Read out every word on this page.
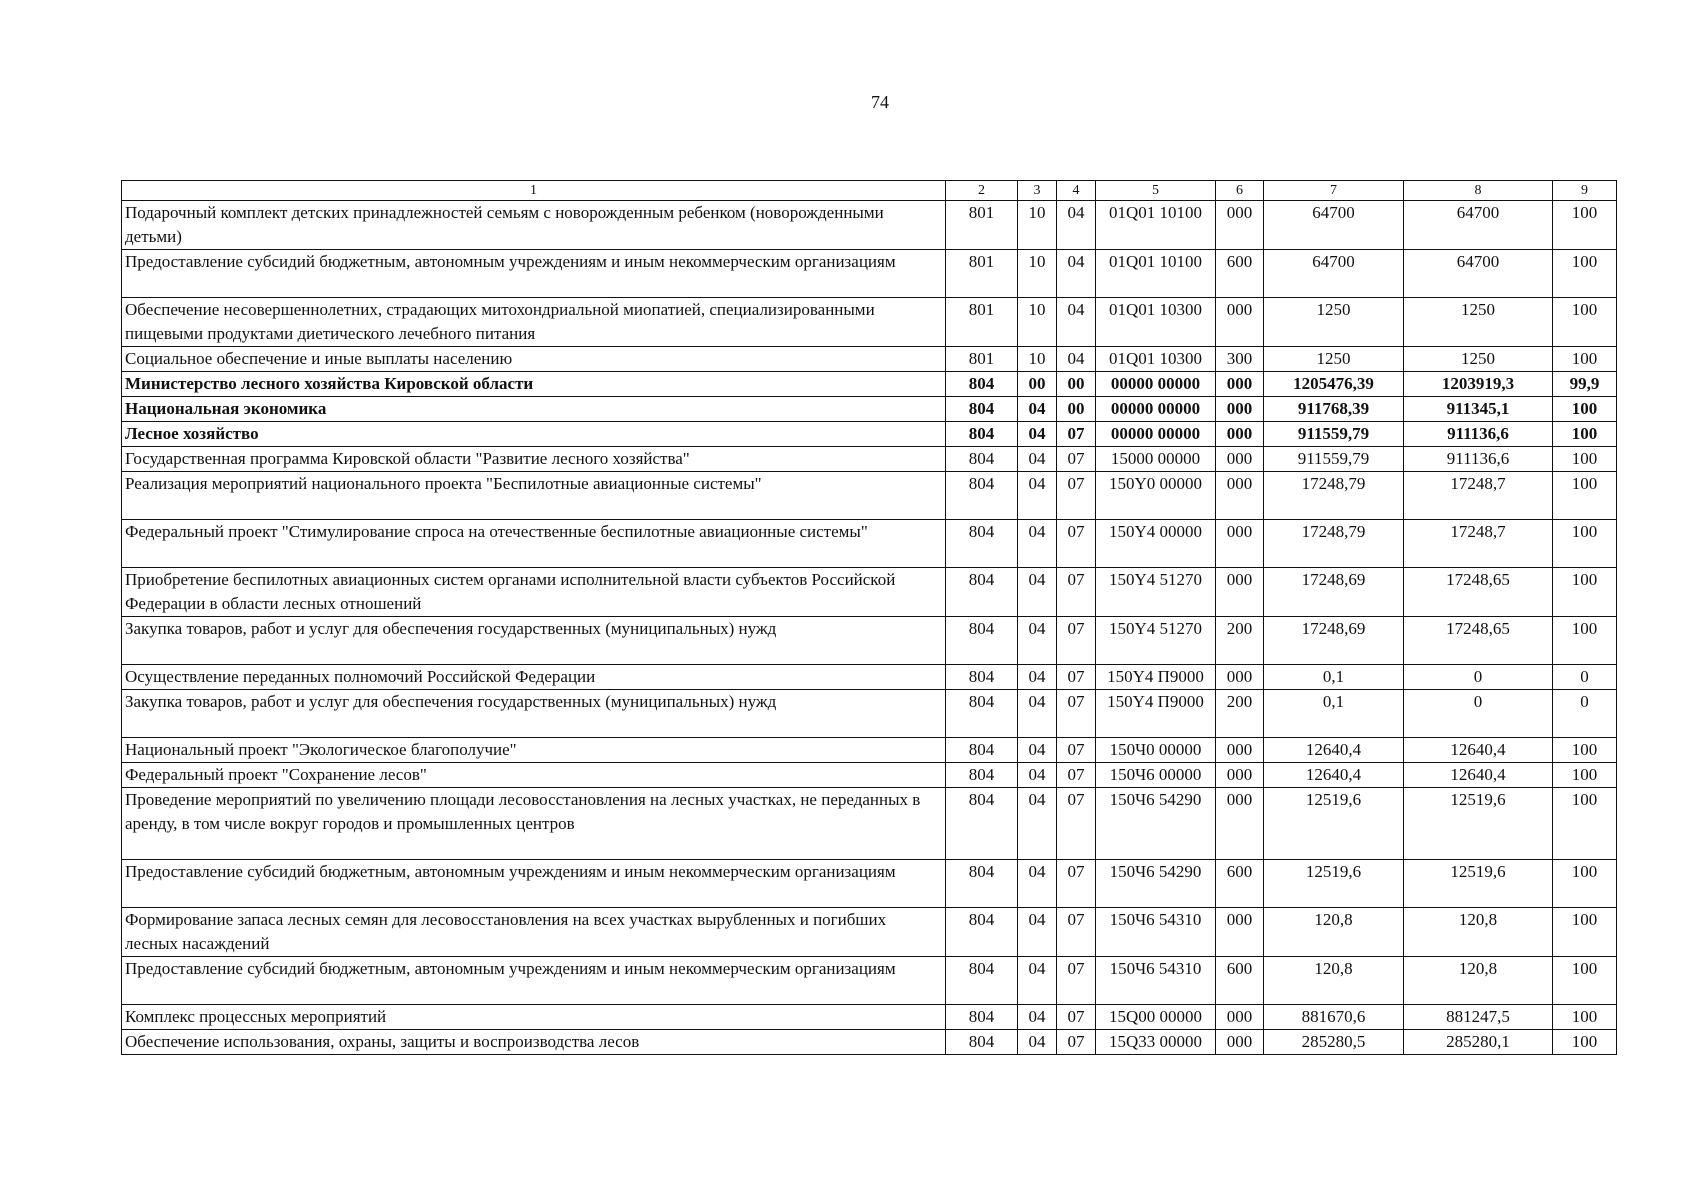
74
1	2	3	4	5	6	7	8	9
Подарочный комплект детских принадлежностей семьям с новорожденным ребенком (новорожденными детьми)	801	10	04	01Q01 10100	000	64700	64700	100
Предоставление субсидий бюджетным, автономным учреждениям и иным некоммерческим организациям	801	10	04	01Q01 10100	600	64700	64700	100
Обеспечение несовершеннолетних, страдающих митохондриальной миопатией, специализированными пищевыми продуктами диетического лечебного питания	801	10	04	01Q01 10300	000	1250	1250	100
Социальное обеспечение и иные выплаты населению	801	10	04	01Q01 10300	300	1250	1250	100
Министерство лесного хозяйства Кировской области	804	00	00	00000 00000	000	1205476,39	1203919,3	99,9
Национальная экономика	804	04	00	00000 00000	000	911768,39	911345,1	100
Лесное хозяйство	804	04	07	00000 00000	000	911559,79	911136,6	100
Государственная программа Кировской области "Развитие лесного хозяйства"	804	04	07	15000 00000	000	911559,79	911136,6	100
Реализация мероприятий национального проекта "Беспилотные авиационные системы"	804	04	07	150Y0 00000	000	17248,79	17248,7	100
Федеральный проект "Стимулирование спроса на отечественные беспилотные авиационные системы"	804	04	07	150Y4 00000	000	17248,79	17248,7	100
Приобретение беспилотных авиационных систем органами исполнительной власти субъектов Российской Федерации в области лесных отношений	804	04	07	150Y4 51270	000	17248,69	17248,65	100
Закупка товаров, работ и услуг для обеспечения государственных (муниципальных) нужд	804	04	07	150Y4 51270	200	17248,69	17248,65	100
Осуществление переданных полномочий Российской Федерации	804	04	07	150Y4 П9000	000	0,1	0	0
Закупка товаров, работ и услуг для обеспечения государственных (муниципальных) нужд	804	04	07	150Y4 П9000	200	0,1	0	0
Национальный проект "Экологическое благополучие"	804	04	07	150Ч0 00000	000	12640,4	12640,4	100
Федеральный проект "Сохранение лесов"	804	04	07	150Ч6 00000	000	12640,4	12640,4	100
Проведение мероприятий по увеличению площади лесовосстановления на лесных участках, не переданных в аренду, в том числе вокруг городов и промышленных центров	804	04	07	150Ч6 54290	000	12519,6	12519,6	100
Предоставление субсидий бюджетным, автономным учреждениям и иным некоммерческим организациям	804	04	07	150Ч6 54290	600	12519,6	12519,6	100
Формирование запаса лесных семян для лесовосстановления на всех участках вырубленных и погибших лесных насаждений	804	04	07	150Ч6 54310	000	120,8	120,8	100
Предоставление субсидий бюджетным, автономным учреждениям и иным некоммерческим организациям	804	04	07	150Ч6 54310	600	120,8	120,8	100
Комплекс процессных мероприятий	804	04	07	15Q00 00000	000	881670,6	881247,5	100
Обеспечение использования, охраны, защиты и воспроизводства лесов	804	04	07	15Q33 00000	000	285280,5	285280,1	100
